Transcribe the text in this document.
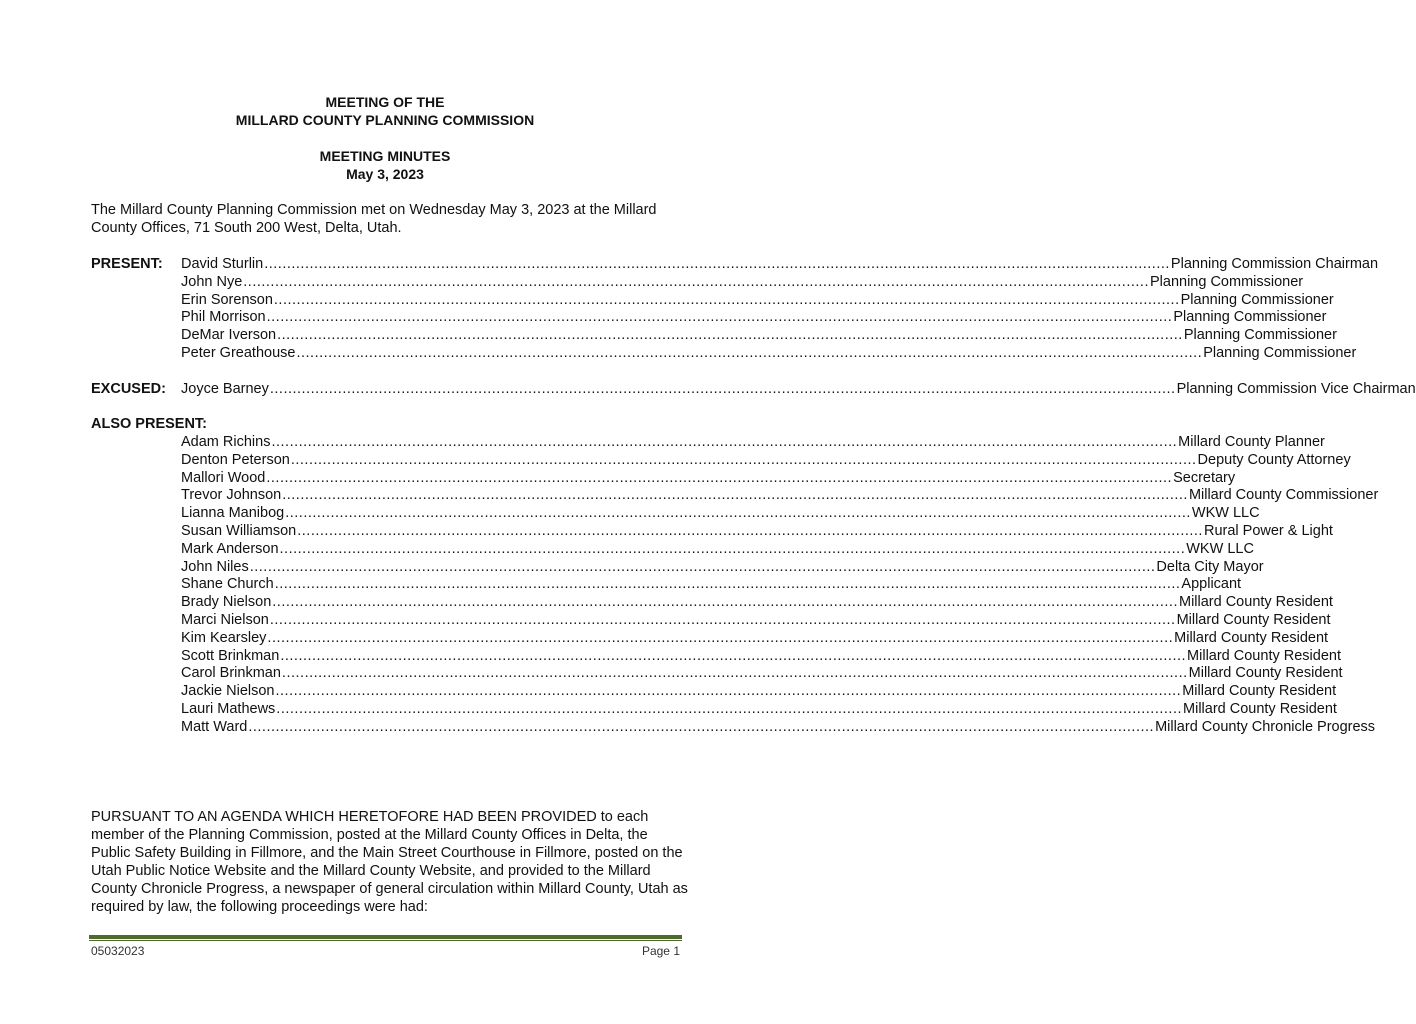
MEETING OF THE
MILLARD COUNTY PLANNING COMMISSION
MEETING MINUTES
May 3, 2023
The Millard County Planning Commission met on Wednesday May 3, 2023 at the Millard County Offices, 71 South 200 West, Delta, Utah.
PRESENT: David Sturlin ........................................................................................................................................................................................................ Planning Commission Chairman
John Nye ........................................................................................................................................................................................................ Planning Commissioner
Erin Sorenson ........................................................................................................................................................................................................ Planning Commissioner
Phil Morrison ........................................................................................................................................................................................................ Planning Commissioner
DeMar Iverson ........................................................................................................................................................................................................ Planning Commissioner
Peter Greathouse ........................................................................................................................................................................................................ Planning Commissioner
EXCUSED: Joyce Barney ........................................................................................................................................................................................................ Planning Commission Vice Chairman
ALSO PRESENT:
Adam Richins ........................................................................................................................................................................................................ Millard County Planner
Denton Peterson ........................................................................................................................................................................................................ Deputy County Attorney
Mallori Wood ........................................................................................................................................................................................................ Secretary
Trevor Johnson ........................................................................................................................................................................................................ Millard County Commissioner
Lianna Manibog ........................................................................................................................................................................................................ WKW LLC
Susan Williamson ........................................................................................................................................................................................................ Rural Power & Light
Mark Anderson ........................................................................................................................................................................................................ WKW LLC
John Niles ........................................................................................................................................................................................................ Delta City Mayor
Shane Church ........................................................................................................................................................................................................ Applicant
Brady Nielson ........................................................................................................................................................................................................ Millard County Resident
Marci Nielson ........................................................................................................................................................................................................ Millard County Resident
Kim Kearsley ........................................................................................................................................................................................................ Millard County Resident
Scott Brinkman ........................................................................................................................................................................................................ Millard County Resident
Carol Brinkman ........................................................................................................................................................................................................ Millard County Resident
Jackie Nielson ........................................................................................................................................................................................................ Millard County Resident
Lauri Mathews ........................................................................................................................................................................................................ Millard County Resident
Matt Ward ........................................................................................................................................................................................................ Millard County Chronicle Progress
PURSUANT TO AN AGENDA WHICH HERETOFORE HAD BEEN PROVIDED to each member of the Planning Commission, posted at the Millard County Offices in Delta, the Public Safety Building in Fillmore, and the Main Street Courthouse in Fillmore, posted on the Utah Public Notice Website and the Millard County Website, and provided to the Millard County Chronicle Progress, a newspaper of general circulation within Millard County, Utah as required by law, the following proceedings were had:
05032023	Page 1
